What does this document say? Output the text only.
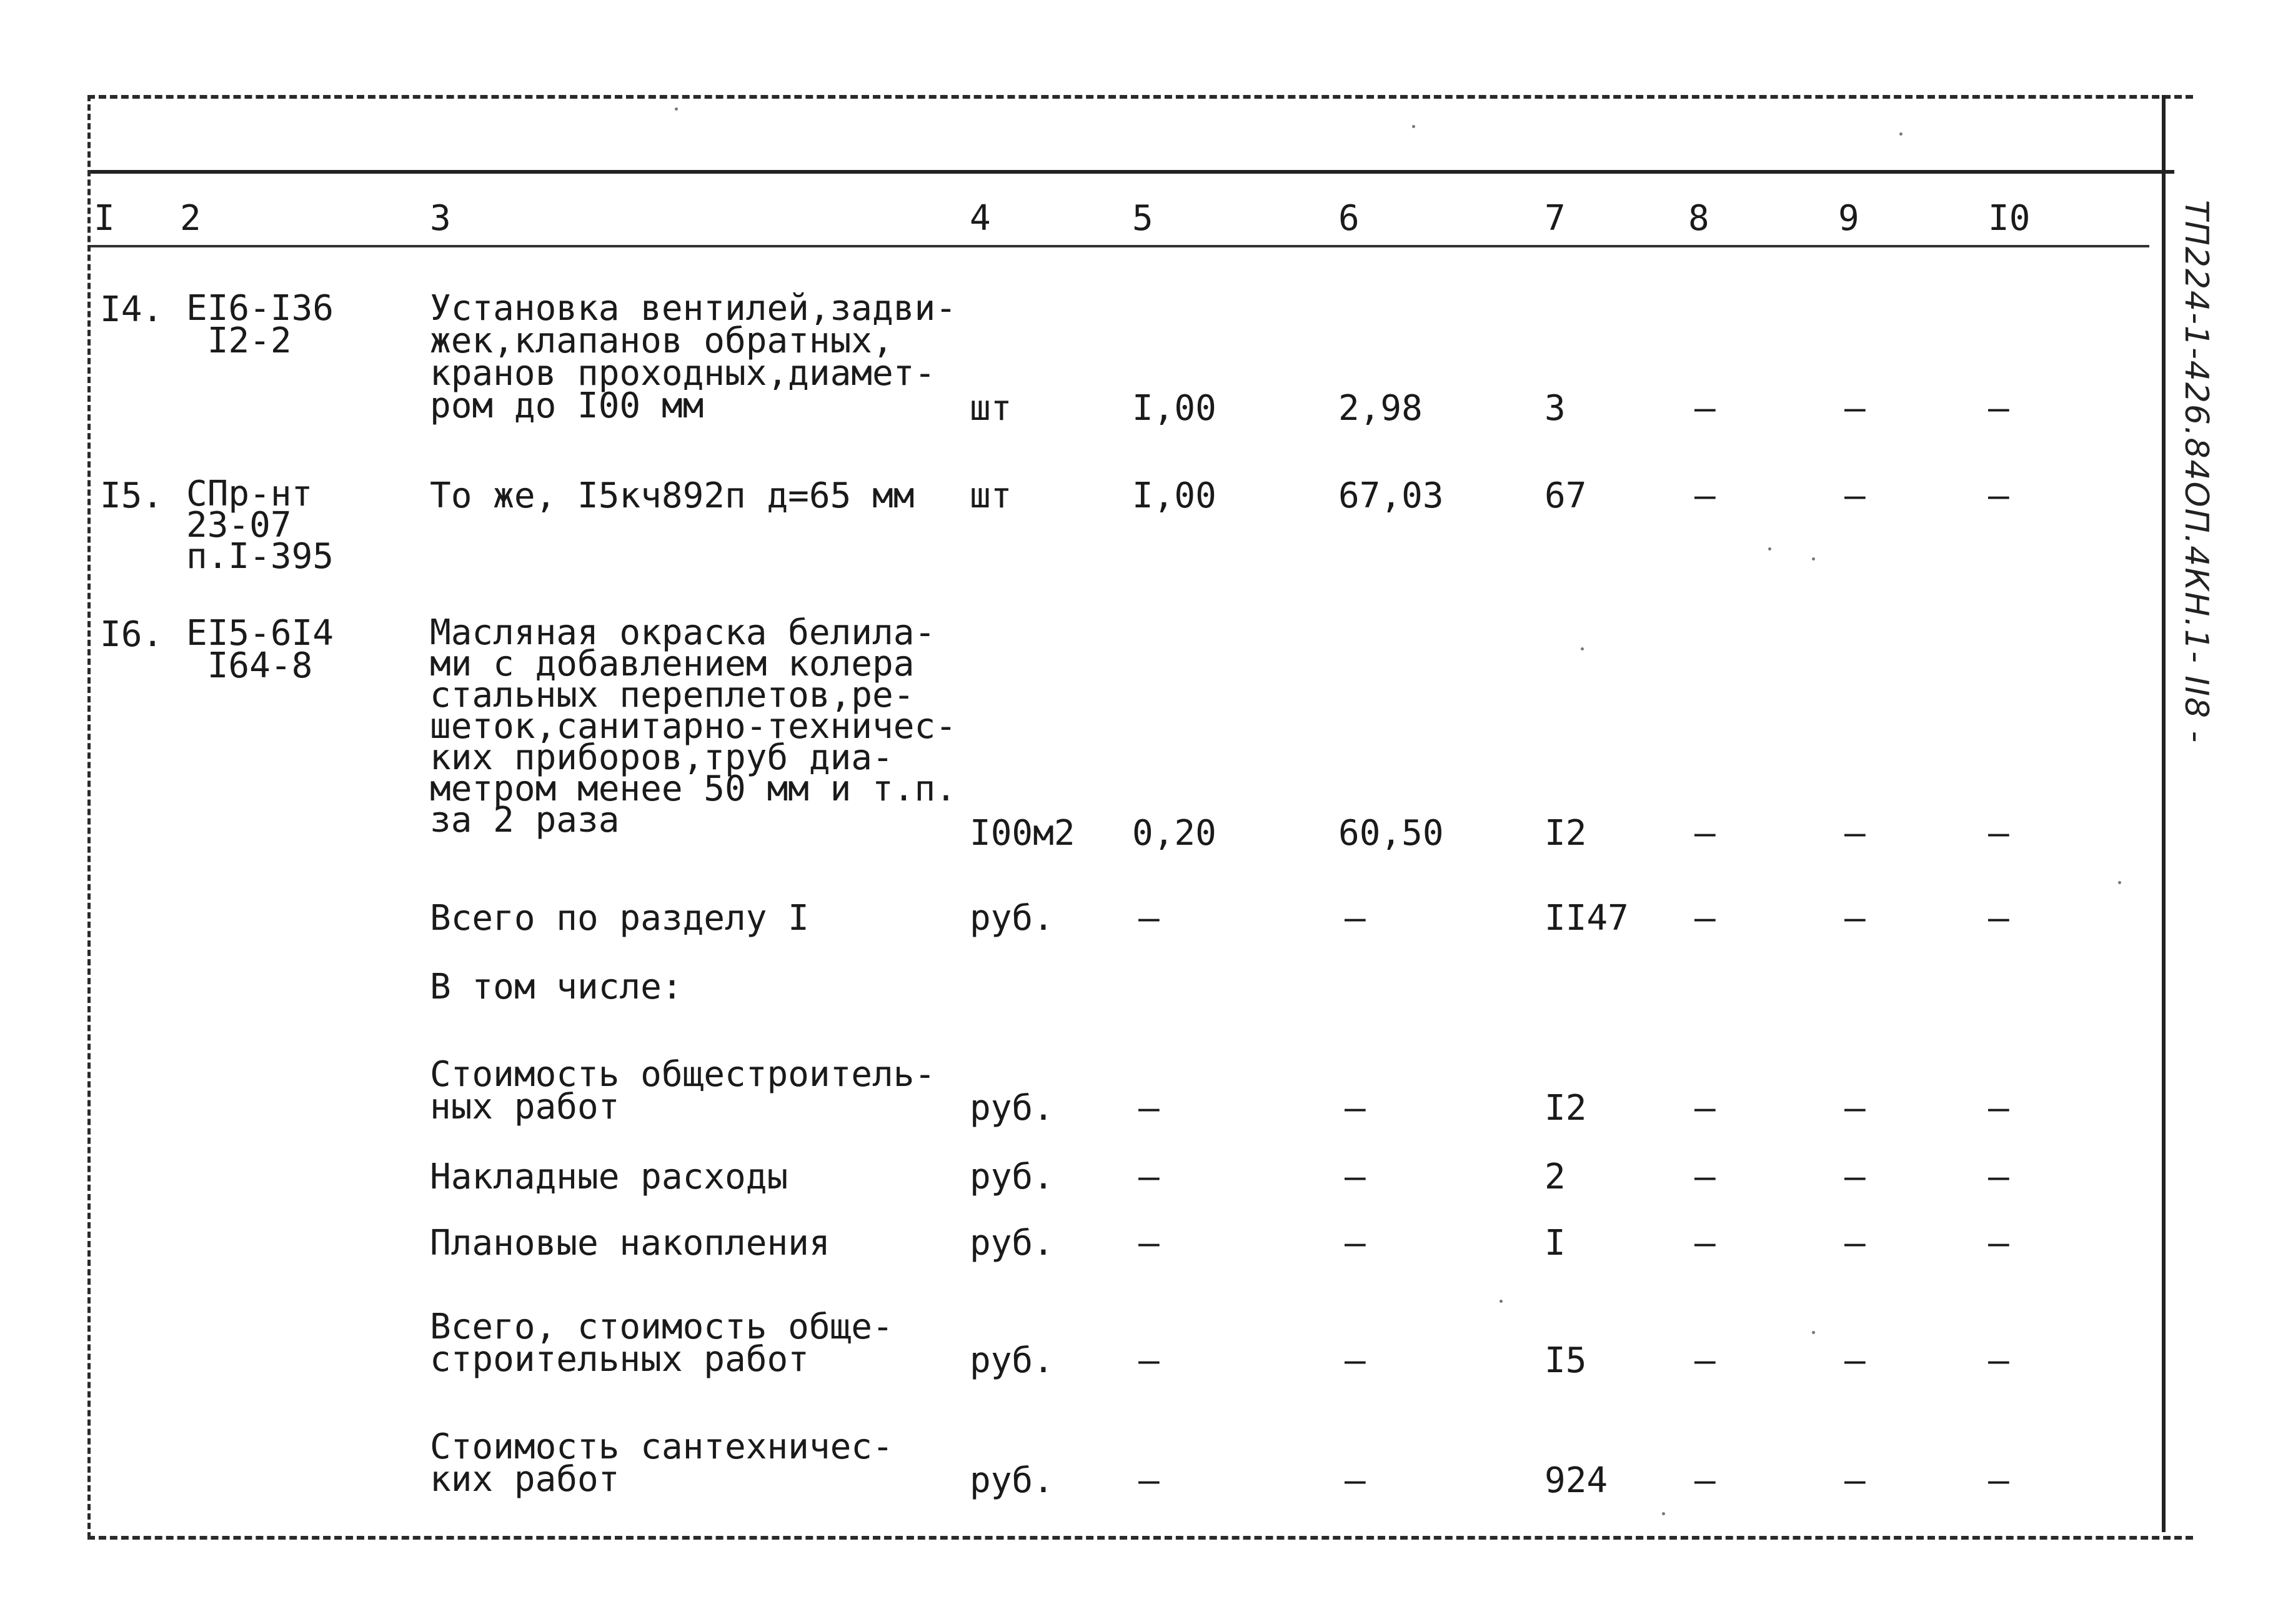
ТП224-1-426.84ОП.4КН.1- II8 -
I 2	3	4	5	6	7	8	9	I0
I4. EI6-I36
I2-2
Установка вентилей,задви-
жек,клапанов обратных,
кранов проходных,диамет-
ром до I00 мм	шт	I,00	2,98	3	–	–	–
I5. СПр-нт
23-07
п.I-395
То же, I5кч892п д=65 мм шт	I,00	67,03	67	–	–	–
I6. EI5-6I4
I64-8
Масляная окраска белила-
ми с добавлением колера
стальных переплетов,ре-
шеток,санитарно-техничес-
ких приборов,труб диа-
метром менее 50 мм и т.п.
за 2 раза	I00м2 0,20	60,50	I2	–	–	–
Всего по разделу I	руб. –	–	II47 –	–	–
В том числе:
Стоимость общестроитель-
ных работ	руб. –	–	I2	–	–	–
Накладные расходы	руб. –	–	2	–	–	–
Плановые накопления	руб. –	–	I	–	–	–
Всего, стоимость обще-
строительных работ	руб. –	–	I5	–	–	–
Стоимость сантехничес-
ких работ	руб. –	–	924 –	–	–
